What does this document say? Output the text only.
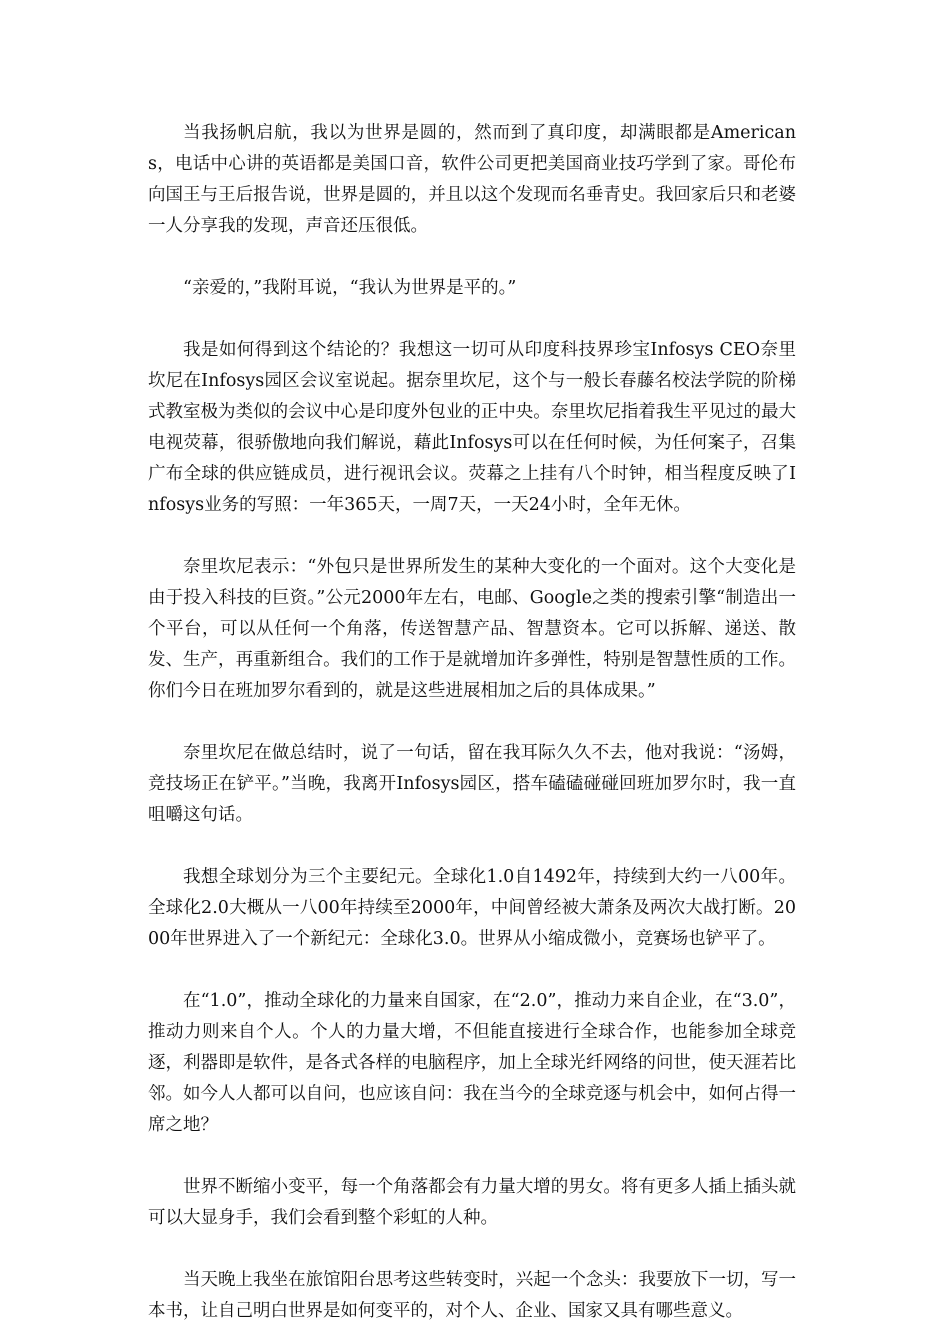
当我扬帆启航，我以为世界是圆的，然而到了真印度，却满眼都是Americans，电话中心讲的英语都是美国口音，软件公司更把美国商业技巧学到了家。哥伦布向国王与王后报告说，世界是圆的，并且以这个发现而名垂青史。我回家后只和老婆一人分享我的发现，声音还压很低。

“亲爱的，”我附耳说，“我认为世界是平的。”

我是如何得到这个结论的？我想这一切可从印度科技界珍宝Infosys CEO奈里坎尼在Infosys园区会议室说起。据奈里坎尼，这个与一般长春藤名校法学院的阶梯式教室极为类似的会议中心是印度外包业的正中央。奈里坎尼指着我生平见过的最大电视荧幕，很骄傲地向我们解说，藉此Infosys可以在任何时候，为任何案子，召集广布全球的供应链成员，进行视讯会议。荧幕之上挂有八个时钟，相当程度反映了Infosys业务的写照：一年365天，一周7天，一天24小时，全年无休。

奈里坎尼表示：“外包只是世界所发生的某种大变化的一个面对。这个大变化是由于投入科技的巨资。”公元2000年左右，电邮、Google之类的搜索引擎“制造出一个平台，可以从任何一个角落，传送智慧产品、智慧资本。它可以拆解、递送、散发、生产，再重新组合。我们的工作于是就增加许多弹性，特别是智慧性质的工作。你们今日在班加罗尔看到的，就是这些进展相加之后的具体成果。”

奈里坎尼在做总结时，说了一句话，留在我耳际久久不去，他对我说：“汤姆，竞技场正在铲平。”当晚，我离开Infosys园区，搭车磕磕碰碰回班加罗尔时，我一直咀嚼这句话。

我想全球划分为三个主要纪元。全球化1.0自1492年，持续到大约一八00年。全球化2.0大概从一八00年持续至2000年，中间曾经被大萧条及两次大战打断。2000年世界进入了一个新纪元：全球化3.0。世界从小缩成微小，竞赛场也铲平了。

在“1.0”，推动全球化的力量来自国家，在“2.0”，推动力来自企业，在“3.0”，推动力则来自个人。个人的力量大增，不但能直接进行全球合作，也能参加全球竞逐，利器即是软件，是各式各样的电脑程序，加上全球光纤网络的问世，使天涯若比邻。如今人人都可以自问，也应该自问：我在当今的全球竞逐与机会中，如何占得一席之地？

世界不断缩小变平，每一个角落都会有力量大增的男女。将有更多人插上插头就可以大显身手，我们会看到整个彩虹的人种。

当天晚上我坐在旅馆阳台思考这些转变时，兴起一个念头：我要放下一切，写一本书，让自己明白世界是如何变平的，对个人、企业、国家又具有哪些意义。
